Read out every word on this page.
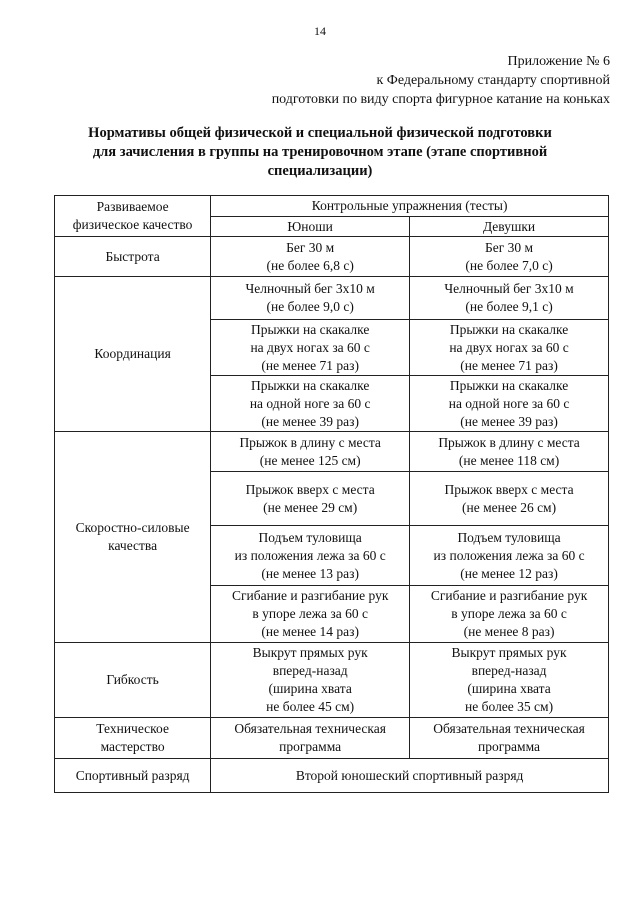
14
Приложение № 6
к Федеральному стандарту спортивной
подготовки по виду спорта фигурное катание на коньках
Нормативы общей физической и специальной физической подготовки
для зачисления в группы на тренировочном этапе (этапе спортивной
специализации)
Развиваемое
физическое качество	Контрольные упражнения (тесты)	
	Юноши	Девушки
Быстрота	Бег 30 м
(не более 6,8 с)	Бег 30 м
(не более 7,0 с)

Координация	Челночный бег 3х10 м
(не более 9,0 с)	Челночный бег 3х10 м
(не более 9,1 с)

	Прыжки на скакалке
на двух ногах за 60 с
(не менее 71 раз)	Прыжки на скакалке
на двух ногах за 60 с
(не менее 71 раз)

	Прыжки на скакалке
на одной ноге за 60 с
(не менее 39 раз)	Прыжки на скакалке
на одной ноге за 60 с
(не менее 39 раз)

Скоростно-силовые
качества	Прыжок в длину с места
(не менее 125 см)	Прыжок в длину с места
(не менее 118 см)

	Прыжок вверх с места
(не менее 29 см)	Прыжок вверх с места
(не менее 26 см)

	Подъем туловища
из положения лежа за 60 с
(не менее 13 раз)	Подъем туловища
из положения лежа за 60 с
(не менее 12 раз)

	Сгибание и разгибание рук
в упоре лежа за 60 с
(не менее 14 раз)	Сгибание и разгибание рук
в упоре лежа за 60 с
(не менее 8 раз)

Гибкость	Выкрут прямых рук
вперед-назад
(ширина хвата
не более 45 см)	Выкрут прямых рук
вперед-назад
(ширина хвата
не более 35 см)

Техническое
мастерство	Обязательная техническая
программа	Обязательная техническая
программа

Спортивный разряд	Второй юношеский спортивный разряд	
